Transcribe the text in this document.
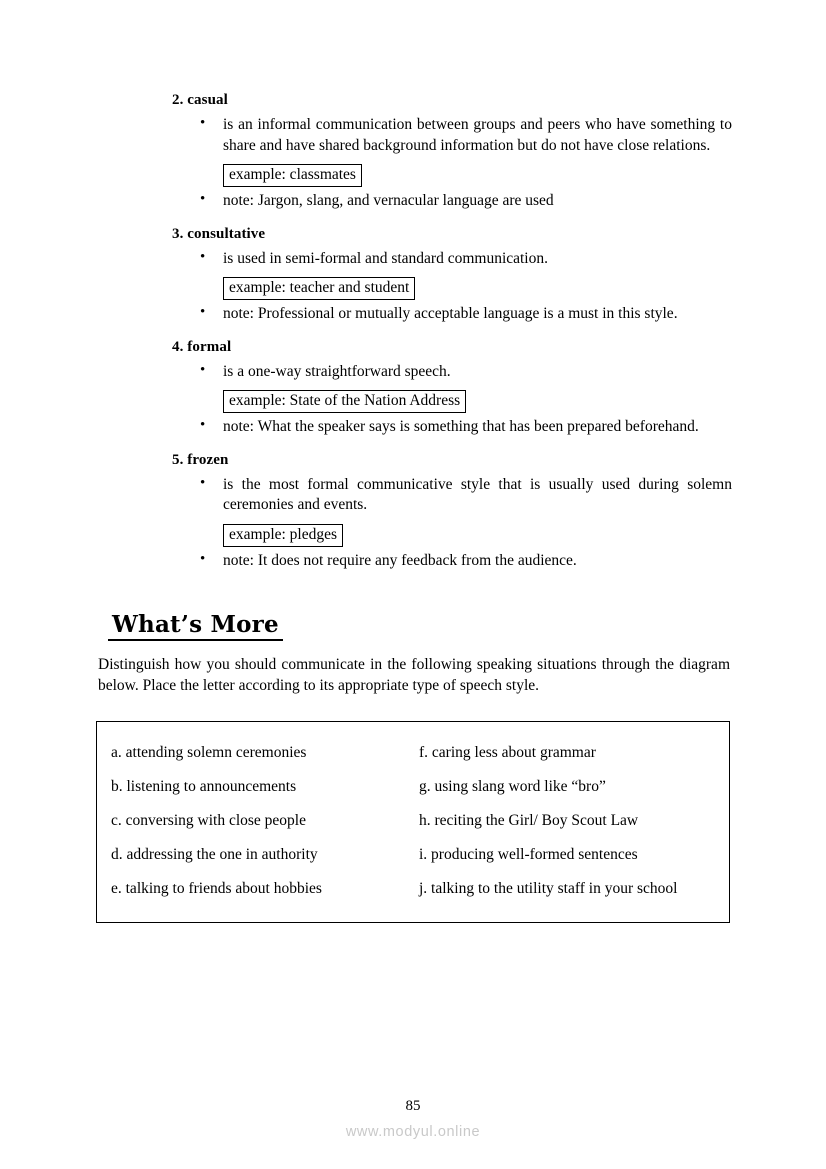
2. casual
• is an informal communication between groups and peers who have something to share and have shared background information but do not have close relations.
example: classmates
• note: Jargon, slang, and vernacular language are used
3. consultative
• is used in semi-formal and standard communication.
example: teacher and student
• note: Professional or mutually acceptable language is a must in this style.
4. formal
• is a one-way straightforward speech.
example: State of the Nation Address
• note: What the speaker says is something that has been prepared beforehand.
5. frozen
• is the most formal communicative style that is usually used during solemn ceremonies and events.
example: pledges
• note: It does not require any feedback from the audience.
What’s More

Distinguish how you should communicate in the following speaking situations through the diagram below. Place the letter according to its appropriate type of speech style.

a. attending solemn ceremonies	f. caring less about grammar
b. listening to announcements	g. using slang word like “bro”
c. conversing with close people	h. reciting the Girl/ Boy Scout Law
d. addressing the one in authority	i. producing well-formed sentences
e. talking to friends about hobbies	j. talking to the utility staff in your school
85
www.modyul.online
